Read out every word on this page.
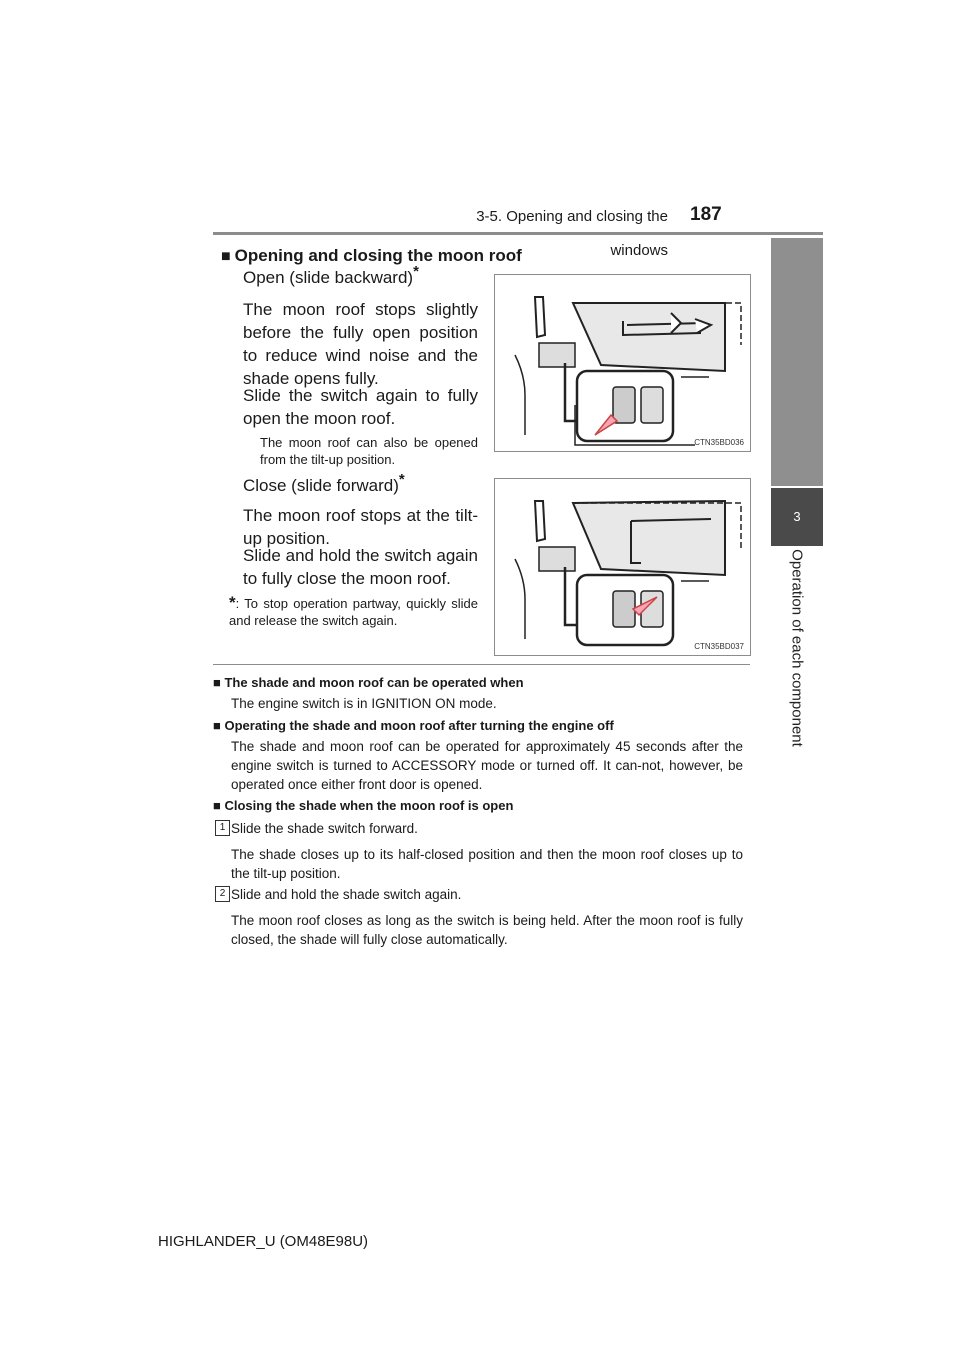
3-5. Opening and closing the windows
187
3
Operation of each component
■ Opening and closing the moon roof
Open (slide backward)*
The moon roof stops slightly before the fully open position to reduce wind noise and the shade opens fully.
Slide the switch again to fully open the moon roof.
The moon roof can also be opened from the tilt-up position.
CTN35BD036
Close (slide forward)*
The moon roof stops at the tilt-up position.
Slide and hold the switch again to fully close the moon roof.
*: To stop operation partway, quickly slide and release the switch again.
CTN35BD037
■ The shade and moon roof can be operated when
The engine switch is in IGNITION ON mode.
■ Operating the shade and moon roof after turning the engine off
The shade and moon roof can be operated for approximately 45 seconds after the engine switch is turned to ACCESSORY mode or turned off. It can-not, however, be operated once either front door is opened.
■ Closing the shade when the moon roof is open
1 Slide the shade switch forward.
The shade closes up to its half-closed position and then the moon roof closes up to the tilt-up position.
2 Slide and hold the shade switch again.
The moon roof closes as long as the switch is being held. After the moon roof is fully closed, the shade will fully close automatically.
HIGHLANDER_U (OM48E98U)
